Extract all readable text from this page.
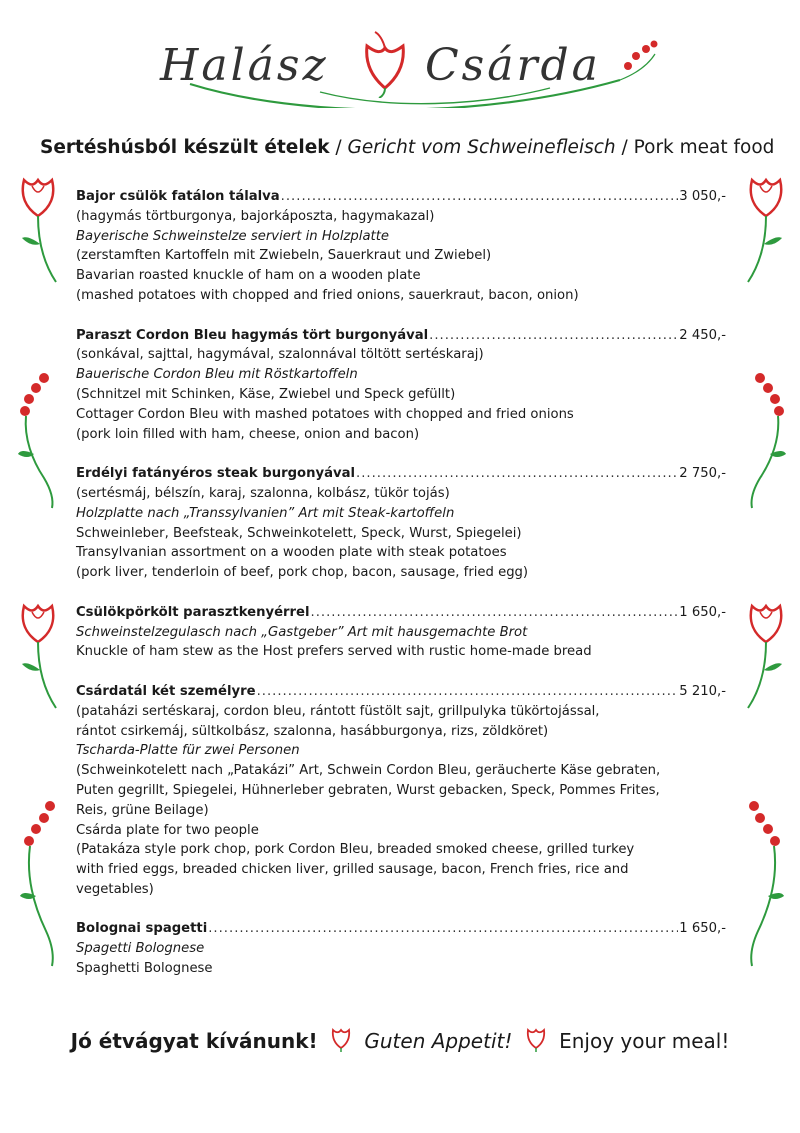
Halász Csárda
Sertéshúsból készült ételek / Gericht vom Schweinefleisch / Pork meat food
Bajor csülök fatálon tálalva .....	3 050,-
(hagymás törtburgonya, bajorkáposzta, hagymakazal)
Bayerische Schweinstelze serviert in Holzplatte
(zerstamften Kartoffeln mit Zwiebeln, Sauerkraut und Zwiebel)
Bavarian roasted knuckle of ham on a wooden plate
(mashed potatoes with chopped and fried onions, sauerkraut, bacon, onion)
Paraszt Cordon Bleu hagymás tört burgonyával .....	2 450,-
(sonkával, sajttal, hagymával, szalonnával töltött sertéskaraj)
Bauerische Cordon Bleu mit Röstkartoffeln
(Schnitzel mit Schinken, Käse, Zwiebel und Speck gefüllt)
Cottager Cordon Bleu with mashed potatoes with chopped and fried onions
(pork loin filled with ham, cheese, onion and bacon)
Erdélyi fatányéros steak burgonyával .....	2 750,-
(sertésmáj, bélszín, karaj, szalonna, kolbász, tükör tojás)
Holzplatte nach „Transsylvanien” Art mit Steak-kartoffeln
Schweinleber, Beefsteak, Schweinkotelett, Speck, Wurst, Spiegelei)
Transylvanian assortment on a wooden plate with steak potatoes
(pork liver, tenderloin of beef, pork chop, bacon, sausage, fried egg)
Csülökpörkölt parasztkenyérrel .....	1 650,-
Schweinstelzegulasch nach „Gastgeber” Art mit hausgemachte Brot
Knuckle of ham stew as the Host prefers served with rustic home-made bread
Csárdatál két személyre .....	5 210,-
(pataházi sertéskaraj, cordon bleu, rántott füstölt sajt, grillpulyka tükörtojással,
rántot csirkemáj, sültkolbász, szalonna, hasábburgonya, rizs, zöldköret)
Tscharda-Platte für zwei Personen
(Schweinkotelett nach „Patakázi” Art, Schwein Cordon Bleu, geräucherte Käse gebraten,
Puten gegrillt, Spiegelei, Hühnerleber gebraten, Wurst gebacken, Speck, Pommes Frites,
Reis, grüne Beilage)
Csárda plate for two people
(Patakáza style pork chop, pork Cordon Bleu, breaded smoked cheese, grilled turkey
with fried eggs, breaded chicken liver, grilled sausage, bacon, French fries, rice and
vegetables)
Bolognai spagetti .....	1 650,-
Spagetti Bolognese
Spaghetti Bolognese
Jó étvágyat kívánunk! Guten Appetit! Enjoy your meal!
